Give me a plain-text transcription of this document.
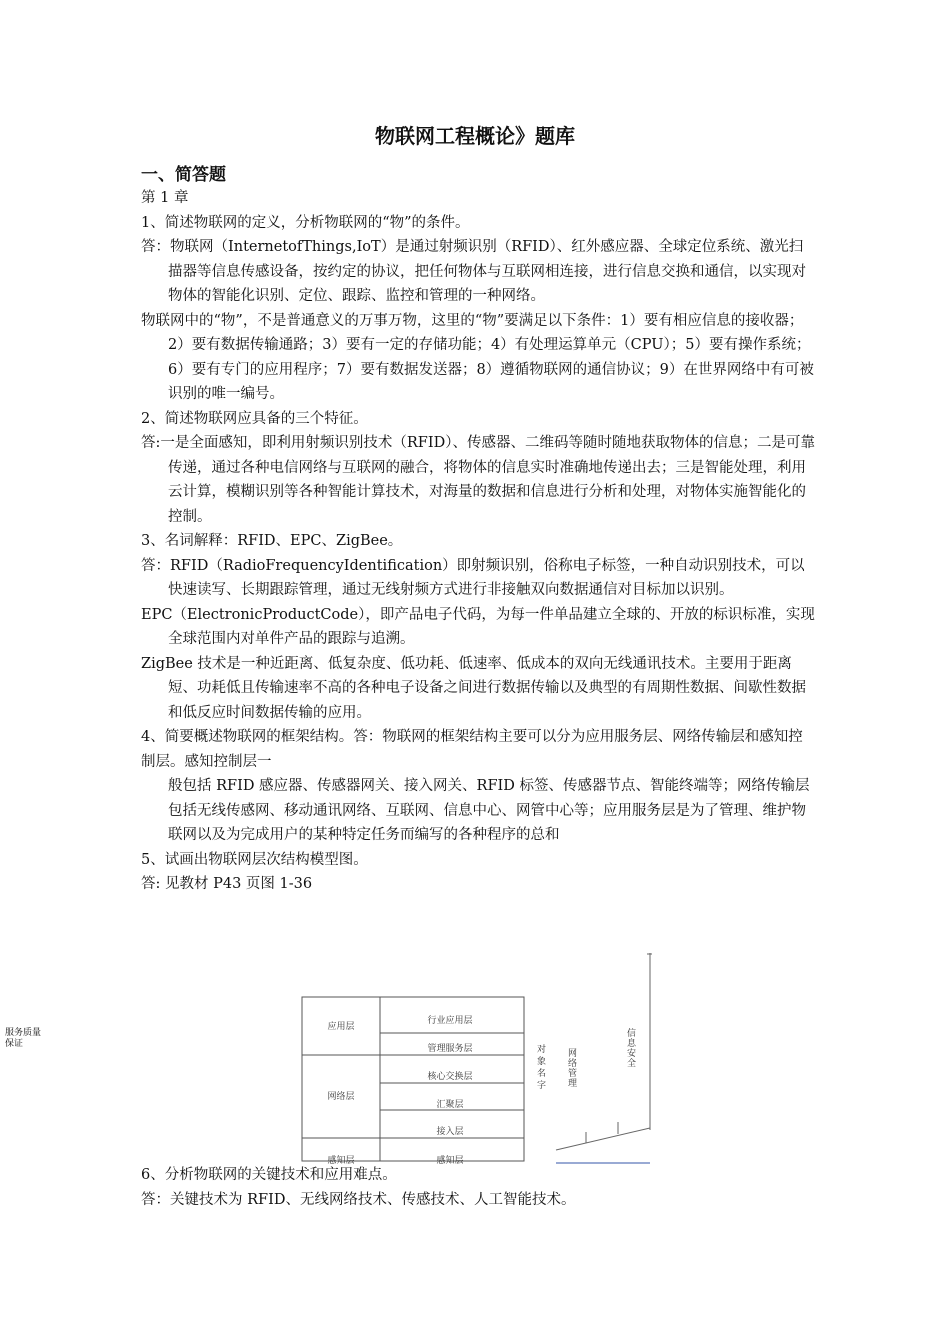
物联网工程概论》题库
一、简答题

第 1 章

1、简述物联网的定义，分析物联网的“物”的条件。

答：物联网（InternetofThings,IoT）是通过射频识别（RFID）、红外感应器、全球定位系统、激光扫描器等信息传感设备，按约定的协议，把任何物体与互联网相连接，进行信息交换和通信，以实现对物体的智能化识别、定位、跟踪、监控和管理的一种网络。

物联网中的“物”，不是普通意义的万事万物，这里的“物”要满足以下条件：1）要有相应信息的接收器；2）要有数据传输通路；3）要有一定的存储功能；4）有处理运算单元（CPU）；5）要有操作系统；6）要有专门的应用程序；7）要有数据发送器；8）遵循物联网的通信协议；9）在世界网络中有可被识别的唯一编号。

2、简述物联网应具备的三个特征。

答:一是全面感知，即利用射频识别技术（RFID）、传感器、二维码等随时随地获取物体的信息；二是可靠传递，通过各种电信网络与互联网的融合，将物体的信息实时准确地传递出去；三是智能处理，利用云计算，模糊识别等各种智能计算技术，对海量的数据和信息进行分析和处理，对物体实施智能化的控制。

3、名词解释：RFID、EPC、ZigBee。

答：RFID（RadioFrequencyIdentification）即射频识别，俗称电子标签，一种自动识别技术，可以快速读写、长期跟踪管理，通过无线射频方式进行非接触双向数据通信对目标加以识别。

EPC（ElectronicProductCode），即产品电子代码，为每一件单品建立全球的、开放的标识标准，实现全球范围内对单件产品的跟踪与追溯。

ZigBee 技术是一种近距离、低复杂度、低功耗、低速率、低成本的双向无线通讯技术。主要用于距离短、功耗低且传输速率不高的各种电子设备之间进行数据传输以及典型的有周期性数据、间歇性数据和低反应时间数据传输的应用。

4、简要概述物联网的框架结构。答：物联网的框架结构主要可以分为应用服务层、网络传输层和感知控制层。感知控制层一

般包括 RFID 感应器、传感器网关、接入网关、RFID 标签、传感器节点、智能终端等；网络传输层包括无线传感网、移动通讯网络、互联网、信息中心、网管中心等；应用服务层是为了管理、维护物联网以及为完成用户的某种特定任务而编写的各种程序的总和

5、试画出物联网层次结构模型图。

答: 见教材 P43 页图 1-36

服务质量
保证
应用层
网络层
感知层
行业应用层
管理服务层
核心交换层
汇聚层
接入层
感知层
对象名字
网络管理
信息安全

6、分析物联网的关键技术和应用难点。

答：关键技术为 RFID、无线网络技术、传感技术、人工智能技术。
